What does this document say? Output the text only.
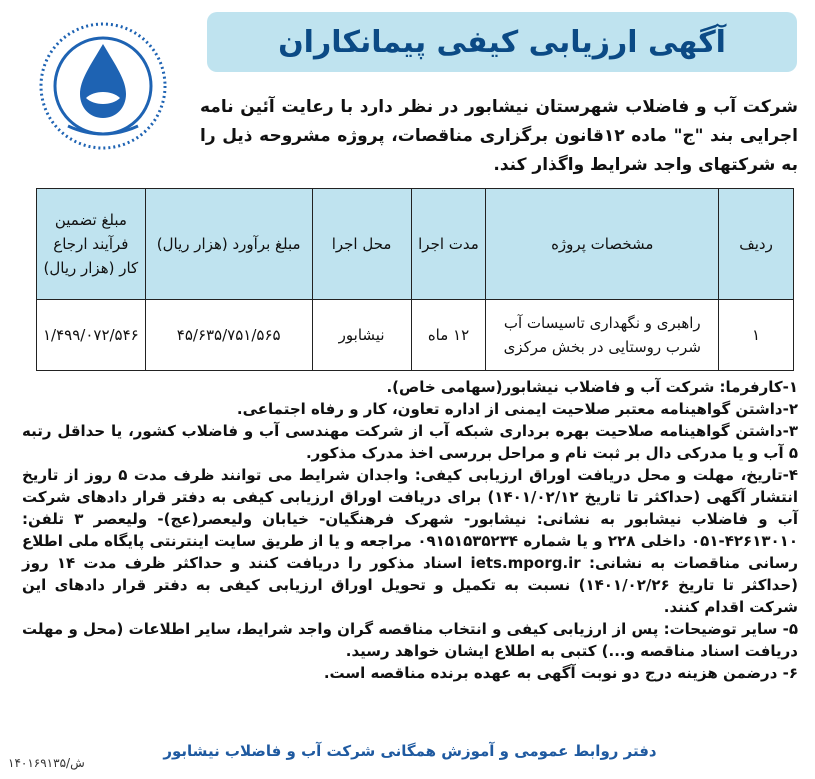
آگهی ارزیابی کیفی پیمانکاران

شرکت آب و فاضلاب شهرستان نیشابور در نظر دارد با رعایت آئین نامه اجرایی بند "ج" ماده ۱۲قانون برگزاری مناقصات، پروژه مشروحه ذیل را به شرکتهای واجد شرایط واگذار کند.

ردیف	مشخصات پروژه	مدت اجرا	محل اجرا	مبلغ برآورد (هزار ریال)	مبلغ تضمین فرآیند ارجاع کار (هزار ریال)
۱	راهبری و نگهداری تاسیسات آب شرب روستایی در بخش مرکزی	۱۲ ماه	نیشابور	۴۵/۶۳۵/۷۵۱/۵۶۵	۱/۴۹۹/۰۷۲/۵۴۶

۱-کارفرما: شرکت آب و فاضلاب نیشابور(سهامی خاص).

۲-داشتن گواهینامه معتبر صلاحیت ایمنی از اداره تعاون، کار و رفاه اجتماعی.

۳-داشتن گواهینامه صلاحیت بهره برداری شبکه آب از شرکت مهندسی آب و فاضلاب کشور، یا حداقل رتبه ۵ آب و یا مدرکی دال بر ثبت نام و مراحل بررسی اخذ مدرک مذکور.

۴-تاریخ، مهلت و محل دریافت اوراق ارزیابی کیفی: واجدان شرایط می توانند ظرف مدت ۵ روز از تاریخ انتشار آگهی (حداکثر تا تاریخ ۱۴۰۱/۰۲/۱۲) برای دریافت اوراق ارزیابی کیفی به دفتر قرار دادهای شرکت آب و فاضلاب نیشابور به نشانی: نیشابور- شهرک فرهنگیان- خیابان ولیعصر(عج)- ولیعصر ۳ تلفن: ۴۲۶۱۳۰۱۰-۰۵۱ داخلی ۲۲۸ و یا شماره ۰۹۱۵۱۵۳۵۲۳۴ مراجعه و یا از طریق سایت اینترنتی پایگاه ملی اطلاع رسانی مناقصات به نشانی: iets.mporg.ir اسناد مذکور را دریافت کنند و حداکثر ظرف مدت ۱۴ روز (حداکثر تا تاریخ ۱۴۰۱/۰۲/۲۶) نسبت به تکمیل و تحویل اوراق ارزیابی کیفی به دفتر قرار دادهای این شرکت اقدام کنند.

۵- سایر توضیحات: پس از ارزیابی کیفی و انتخاب مناقصه گران واجد شرایط، سایر اطلاعات (محل و مهلت دریافت اسناد مناقصه و...) کتبی به اطلاع ایشان خواهد رسید.

۶- درضمن هزینه درج دو نوبت آگهی به عهده برنده مناقصه است.

دفتر روابط عمومی و آموزش همگانی شرکت آب و فاضلاب نیشابور
۱۴۰۱۶۹۱۳۵/ش
